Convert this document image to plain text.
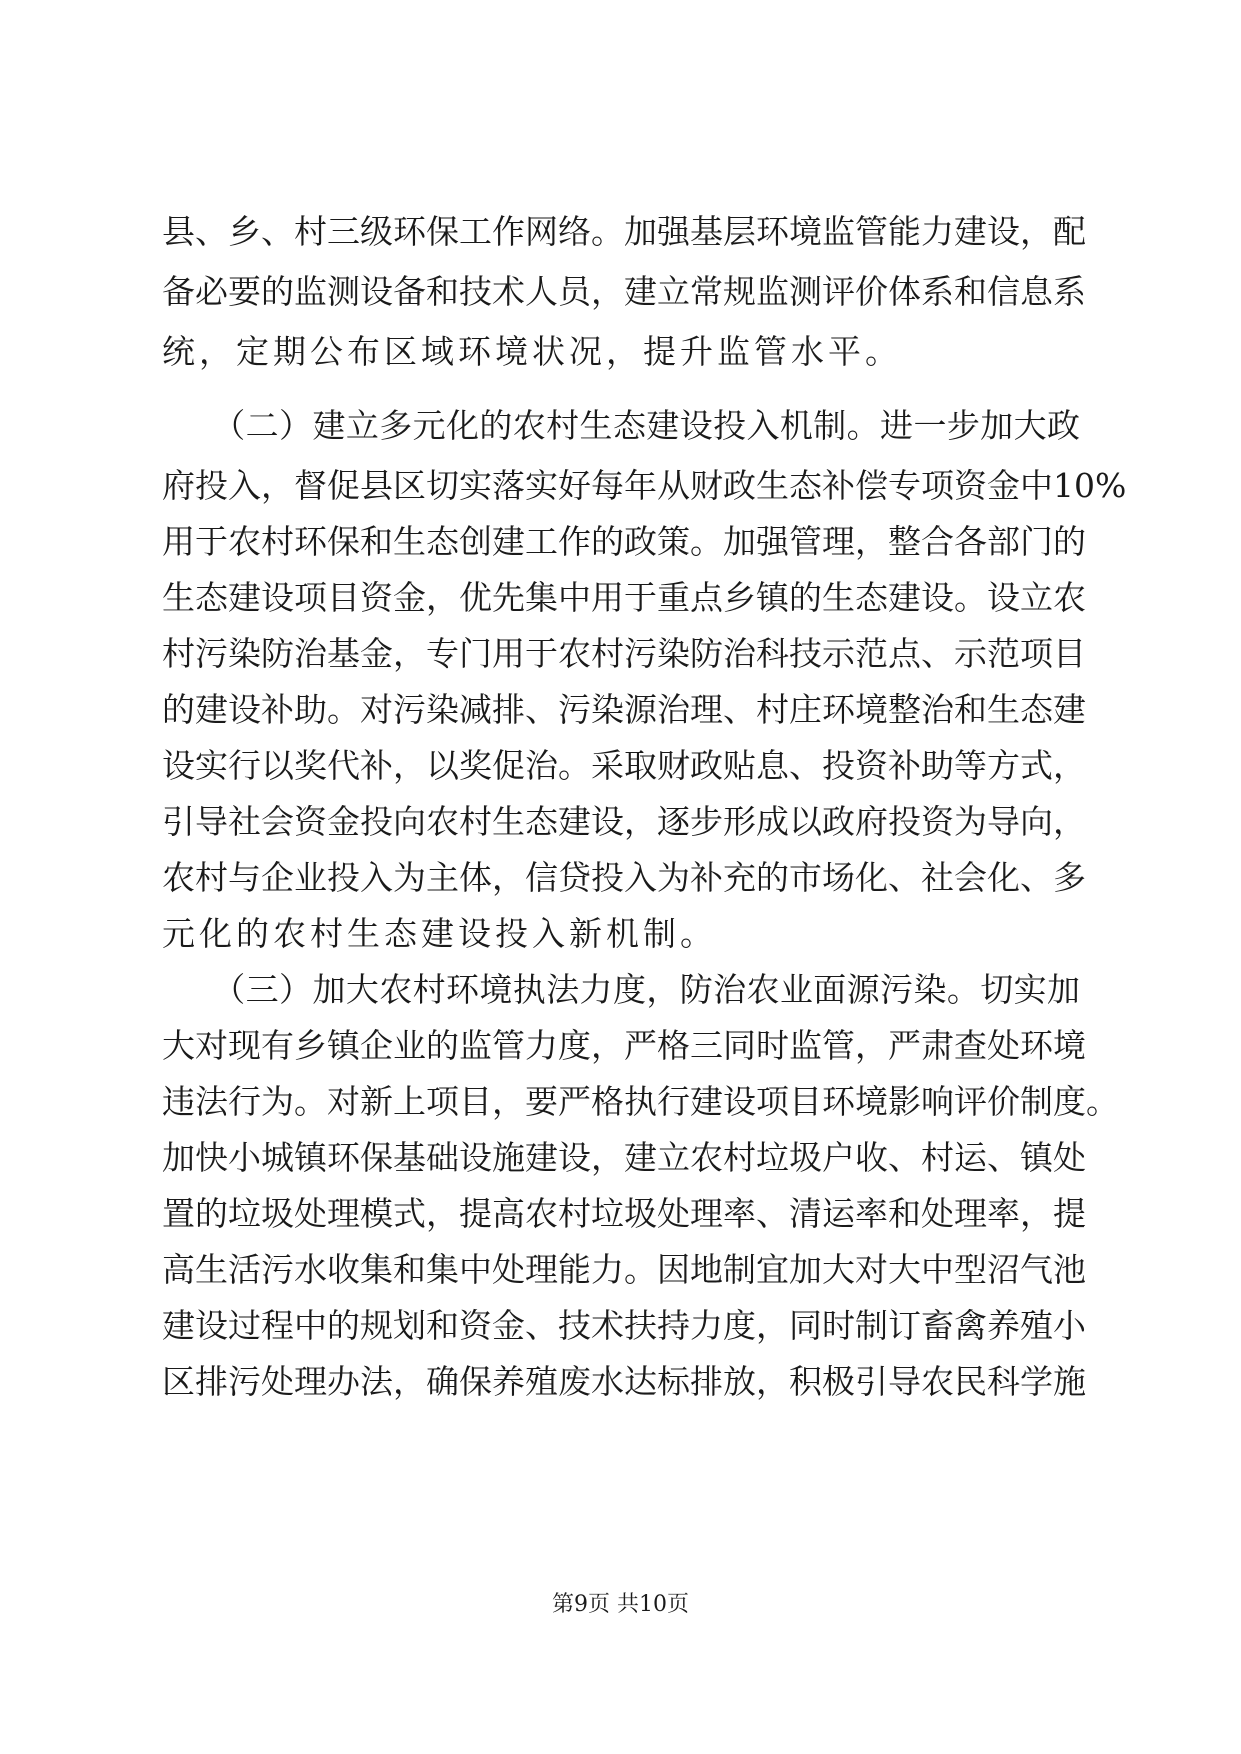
县、乡、村三级环保工作网络。加强基层环境监管能力建设，配
备必要的监测设备和技术人员，建立常规监测评价体系和信息系
统，定期公布区域环境状况，提升监管水平。
　　（二）建立多元化的农村生态建设投入机制。进一步加大政
府投入，督促县区切实落实好每年从财政生态补偿专项资金中10%
用于农村环保和生态创建工作的政策。加强管理，整合各部门的
生态建设项目资金，优先集中用于重点乡镇的生态建设。设立农
村污染防治基金，专门用于农村污染防治科技示范点、示范项目
的建设补助。对污染减排、污染源治理、村庄环境整治和生态建
设实行以奖代补，以奖促治。采取财政贴息、投资补助等方式，
引导社会资金投向农村生态建设，逐步形成以政府投资为导向，
农村与企业投入为主体，信贷投入为补充的市场化、社会化、多
元化的农村生态建设投入新机制。
　　（三）加大农村环境执法力度，防治农业面源污染。切实加
大对现有乡镇企业的监管力度，严格三同时监管，严肃查处环境
违法行为。对新上项目，要严格执行建设项目环境影响评价制度。
加快小城镇环保基础设施建设，建立农村垃圾户收、村运、镇处
置的垃圾处理模式，提高农村垃圾处理率、清运率和处理率，提
高生活污水收集和集中处理能力。因地制宜加大对大中型沼气池
建设过程中的规划和资金、技术扶持力度，同时制订畜禽养殖小
区排污处理办法，确保养殖废水达标排放，积极引导农民科学施
第9页 共10页
